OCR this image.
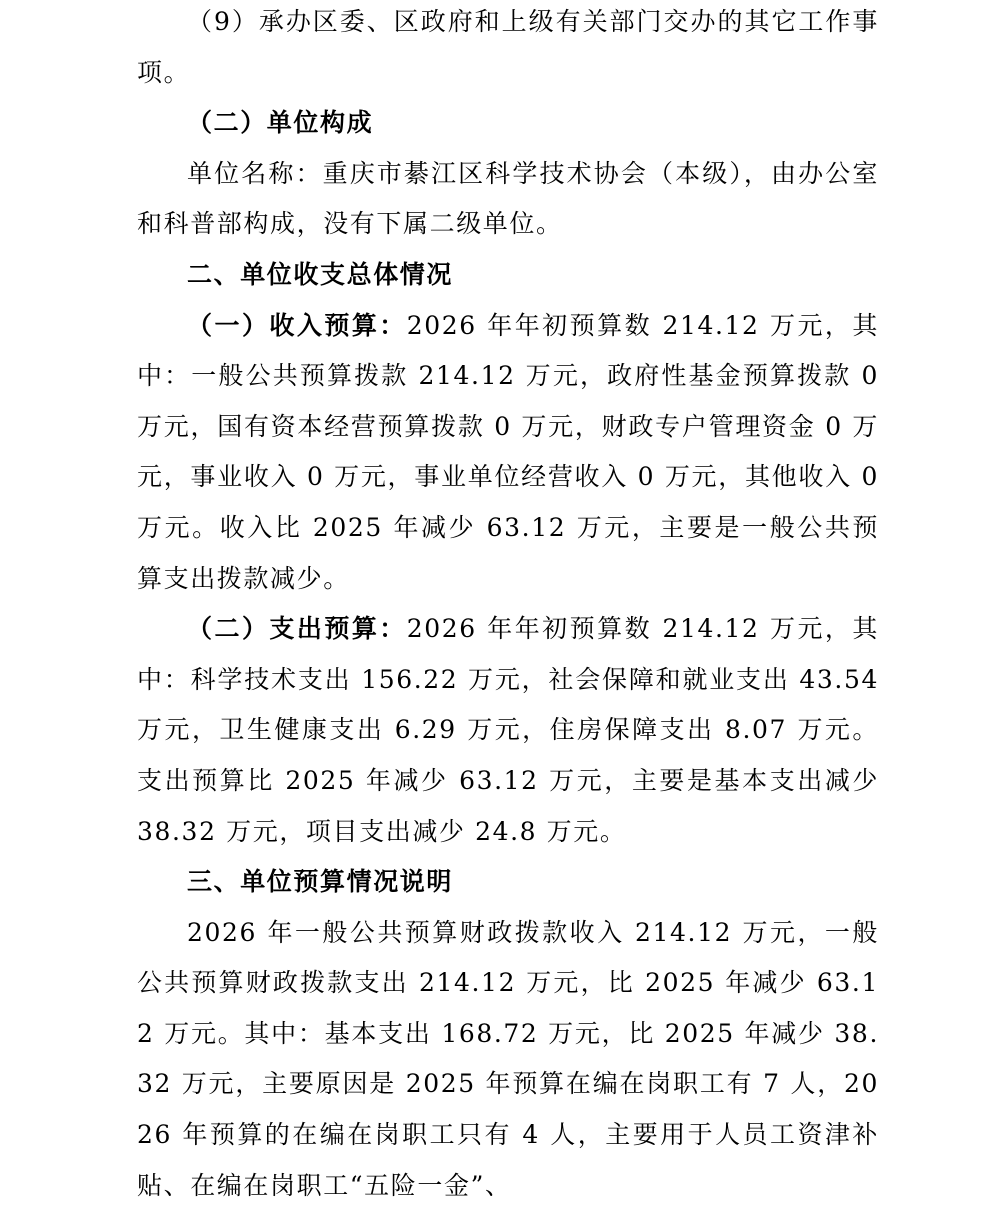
（9）承办区委、区政府和上级有关部门交办的其它工作事项。

（二）单位构成

单位名称：重庆市綦江区科学技术协会（本级），由办公室和科普部构成，没有下属二级单位。

二、单位收支总体情况

（一）收入预算：2026 年年初预算数 214.12 万元，其中：一般公共预算拨款 214.12 万元，政府性基金预算拨款 0 万元，国有资本经营预算拨款 0 万元，财政专户管理资金 0 万元，事业收入 0 万元，事业单位经营收入 0 万元，其他收入 0 万元。收入比 2025 年减少 63.12 万元，主要是一般公共预算支出拨款减少。

（二）支出预算：2026 年年初预算数 214.12 万元，其中：科学技术支出 156.22 万元，社会保障和就业支出 43.54 万元，卫生健康支出 6.29 万元，住房保障支出 8.07 万元。支出预算比 2025 年减少 63.12 万元，主要是基本支出减少 38.32 万元，项目支出减少 24.8 万元。

三、单位预算情况说明

2026 年一般公共预算财政拨款收入 214.12 万元，一般公共预算财政拨款支出 214.12 万元，比 2025 年减少 63.12 万元。其中：基本支出 168.72 万元，比 2025 年减少 38.32 万元，主要原因是 2025 年预算在编在岗职工有 7 人，2026 年预算的在编在岗职工只有 4 人，主要用于人员工资津补贴、在编在岗职工“五险一金”、
